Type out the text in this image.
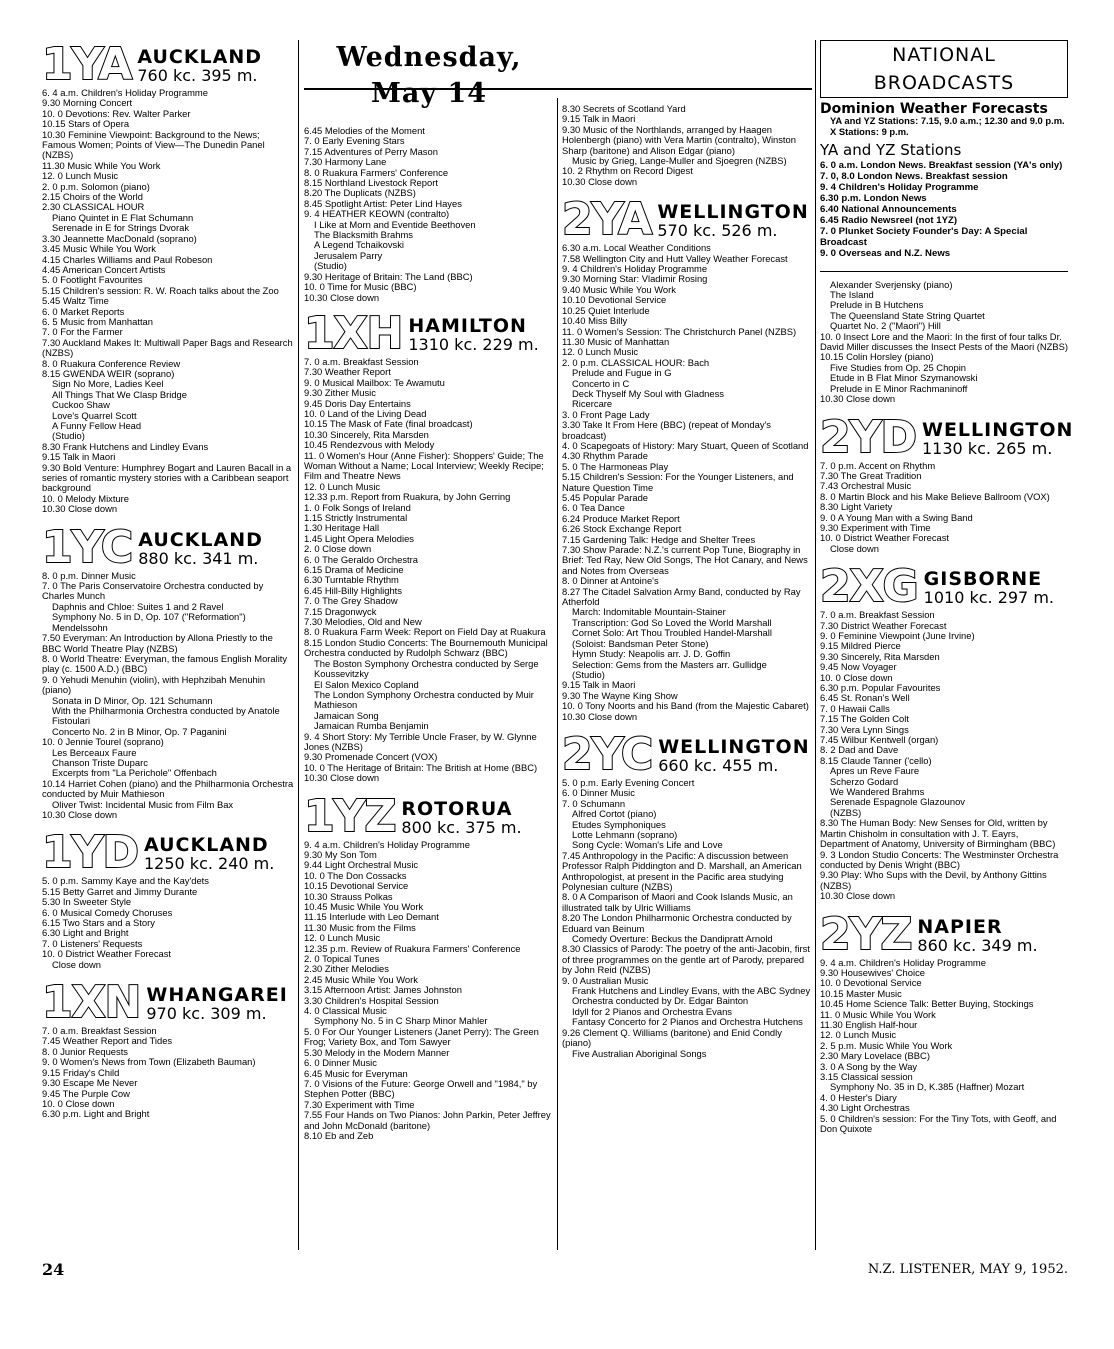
1YA AUCKLAND
760 kc. 395 m.
6. 4 a.m. Children's Holiday Programme
9.30 Morning Concert
10. 0 Devotions: Rev. Walter Parker
10.15 Stars of Opera
10.30 Feminine Viewpoint: Background to the News; Famous Women; Points of View—The Dunedin Panel (NZBS)
11.30 Music While You Work
12. 0 Lunch Music
2. 0 p.m. Solomon (piano)
2.15 Choirs of the World
2.30 CLASSICAL HOUR
Piano Quintet in E Flat Schumann
Serenade in E for Strings Dvorak
3.30 Jeannette MacDonald (soprano)
3.45 Music While You Work
4.15 Charles Williams and Paul Robeson
4.45 American Concert Artists
5. 0 Footlight Favourites
5.15 Children's session: R. W. Roach talks about the Zoo
5.45 Waltz Time
6. 0 Market Reports
6. 5 Music from Manhattan
7. 0 For the Farmer
7.30 Auckland Makes It: Multiwall Paper Bags and Research (NZBS)
8. 0 Ruakura Conference Review
8.15 GWENDA WEIR (soprano)
Sign No More, Ladies Keel
All Things That We Clasp Bridge
Cuckoo Shaw
Love's Quarrel Scott
A Funny Fellow Head
(Studio)
8.30 Frank Hutchens and Lindley Evans
9.15 Talk in Maori
9.30 Bold Venture: Humphrey Bogart and Lauren Bacall in a series of romantic mystery stories with a Caribbean seaport background
10. 0 Melody Mixture
10.30 Close down
1YC AUCKLAND
880 kc. 341 m.
8. 0 p.m. Dinner Music
7. 0 The Paris Conservatoire Orchestra conducted by Charles Munch
Daphnis and Chloe: Suites 1 and 2 Ravel
Symphony No. 5 in D, Op. 107 ("Reformation") Mendelssohn
7.50 Everyman: An Introduction by Allona Priestly to the BBC World Theatre Play (NZBS)
8. 0 World Theatre: Everyman, the famous English Morality play (c. 1500 A.D.) (BBC)
9. 0 Yehudi Menuhin (violin), with Hephzibah Menuhin (piano)
Sonata in D Minor, Op. 121 Schumann
With the Philharmonia Orchestra conducted by Anatole Fistoulari
Concerto No. 2 in B Minor, Op. 7 Paganini
10. 0 Jennie Tourel (soprano)
Les Berceaux Faure
Chanson Triste Duparc
Excerpts from "La Perichole" Offenbach
10.14 Harriet Cohen (piano) and the Philharmonia Orchestra conducted by Muir Mathieson
Oliver Twist: Incidental Music from Film Bax
10.30 Close down
1YD AUCKLAND
1250 kc. 240 m.
5. 0 p.m. Sammy Kaye and the Kay'dets
5.15 Betty Garret and Jimmy Durante
5.30 In Sweeter Style
6. 0 Musical Comedy Choruses
6.15 Two Stars and a Story
6.30 Light and Bright
7. 0 Listeners' Requests
10. 0 District Weather Forecast
Close down
1XN WHANGAREI
970 kc. 309 m.
7. 0 a.m. Breakfast Session
7.45 Weather Report and Tides
8. 0 Junior Requests
9. 0 Women's News from Town (Elizabeth Bauman)
9.15 Friday's Child
9.30 Escape Me Never
9.45 The Purple Cow
10. 0 Close down
6.30 p.m. Light and Bright
Wednesday, May 14
6.45 Melodies of the Moment
7. 0 Early Evening Stars
7.15 Adventures of Perry Mason
7.30 Harmony Lane
8. 0 Ruakura Farmers' Conference
8.15 Northland Livestock Report
8.20 The Duplicats (NZBS)
8.45 Spotlight Artist: Peter Lind Hayes
9. 4 HEATHER KEOWN (contralto)
I Like at Morn and Eventide Beethoven
The Blacksmith Brahms
A Legend Tchaikovski
Jerusalem Parry
(Studio)
9.30 Heritage of Britain: The Land (BBC)
10. 0 Time for Music (BBC)
10.30 Close down
1XH HAMILTON
1310 kc. 229 m.
7. 0 a.m. Breakfast Session
7.30 Weather Report
9. 0 Musical Mailbox: Te Awamutu
9.30 Zither Music
9.45 Doris Day Entertains
10. 0 Land of the Living Dead
10.15 The Mask of Fate (final broadcast)
10.30 Sincerely, Rita Marsden
10.45 Rendezvous with Melody
11. 0 Women's Hour (Anne Fisher): Shoppers' Guide; The Woman Without a Name; Local Interview; Weekly Recipe; Film and Theatre News
12. 0 Lunch Music
12.33 p.m. Report from Ruakura, by John Gerring
1. 0 Folk Songs of Ireland
1.15 Strictly Instrumental
1.30 Heritage Hall
1.45 Light Opera Melodies
2. 0 Close down
6. 0 The Geraldo Orchestra
6.15 Drama of Medicine
6.30 Turntable Rhythm
6.45 Hill-Billy Highlights
7. 0 The Grey Shadow
7.15 Dragonwyck
7.30 Melodies, Old and New
8. 0 Ruakura Farm Week: Report on Field Day at Ruakura
8.15 London Studio Concerts: The Bournemouth Municipal Orchestra conducted by Rudolph Schwarz (BBC)
The Boston Symphony Orchestra conducted by Serge Koussevitzky
El Salon Mexico Copland
The London Symphony Orchestra conducted by Muir Mathieson
Jamaican Song
Jamaican Rumba Benjamin
9. 4 Short Story: My Terrible Uncle Fraser, by W. Glynne Jones (NZBS)
9.30 Promenade Concert (VOX)
10. 0 The Heritage of Britain: The British at Home (BBC)
10.30 Close down
1YZ ROTORUA
800 kc. 375 m.
9. 4 a.m. Children's Holiday Programme
9.30 My Son Tom
9.44 Light Orchestral Music
10. 0 The Don Cossacks
10.15 Devotional Service
10.30 Strauss Polkas
10.45 Music While You Work
11.15 Interlude with Leo Demant
11.30 Music from the Films
12. 0 Lunch Music
12.35 p.m. Review of Ruakura Farmers' Conference
2. 0 Topical Tunes
2.30 Zither Melodies
2.45 Music While You Work
3.15 Afternoon Artist: James Johnston
3.30 Children's Hospital Session
4. 0 Classical Music
Symphony No. 5 in C Sharp Minor Mahler
5. 0 For Our Younger Listeners (Janet Perry): The Green Frog; Variety Box, and Tom Sawyer
5.30 Melody in the Modern Manner
6. 0 Dinner Music
6.45 Music for Everyman
7. 0 Visions of the Future: George Orwell and "1984," by Stephen Potter (BBC)
7.30 Experiment with Time
7.55 Four Hands on Two Pianos: John Parkin, Peter Jeffrey and John McDonald (baritone)
8.10 Eb and Zeb
8.30 Secrets of Scotland Yard
9.15 Talk in Maori
9.30 Music of the Northlands, arranged by Haagen Holenbergh (piano) with Vera Martin (contralto), Winston Sharp (baritone) and Alison Edgar (piano)
Music by Grieg, Lange-Muller and Sjoegren (NZBS)
10. 2 Rhythm on Record Digest
10.30 Close down
2YA WELLINGTON
570 kc. 526 m.
6.30 a.m. Local Weather Conditions
7.58 Wellington City and Hutt Valley Weather Forecast
9. 4 Children's Holiday Programme
9.30 Morning Star: Vladimir Rosing
9.40 Music While You Work
10.10 Devotional Service
10.25 Quiet Interlude
10.40 Miss Billy
11. 0 Women's Session: The Christchurch Panel (NZBS)
11.30 Music of Manhattan
12. 0 Lunch Music
2. 0 p.m. CLASSICAL HOUR: Bach
Prelude and Fugue in G
Concerto in C
Deck Thyself My Soul with Gladness
Ricercare
3. 0 Front Page Lady
3.30 Take It From Here (BBC) (repeat of Monday's broadcast)
4. 0 Scapegoats of History: Mary Stuart, Queen of Scotland
4.30 Rhythm Parade
5. 0 The Harmoneas Play
5.15 Children's Session: For the Younger Listeners, and Nature Question Time
5.45 Popular Parade
6. 0 Tea Dance
6.24 Produce Market Report
6.26 Stock Exchange Report
7.15 Gardening Talk: Hedge and Shelter Trees
7.30 Show Parade: N.Z.'s current Pop Tune, Biography in Brief: Ted Ray, New Old Songs, The Hot Canary, and News and Notes from Overseas
8. 0 Dinner at Antoine's
8.27 The Citadel Salvation Army Band, conducted by Ray Atherfold
March: Indomitable Mountain-Stainer
Transcription: God So Loved the World Marshall
Cornet Solo: Art Thou Troubled Handel-Marshall
(Soloist: Bandsman Peter Stone)
Hymn Study: Neapolis arr. J. D. Goffin
Selection: Gems from the Masters arr. Gullidge
(Studio)
9.15 Talk in Maori
9.30 The Wayne King Show
10. 0 Tony Noorts and his Band (from the Majestic Cabaret)
10.30 Close down
2YC WELLINGTON
660 kc. 455 m.
5. 0 p.m. Early Evening Concert
6. 0 Dinner Music
7. 0 Schumann
Alfred Cortot (piano)
Etudes Symphoniques
Lotte Lehmann (soprano)
Song Cycle: Woman's Life and Love
7.45 Anthropology in the Pacific: A discussion between Professor Ralph Piddington and D. Marshall, an American Anthropologist, at present in the Pacific area studying Polynesian culture (NZBS)
8. 0 A Comparison of Maori and Cook Islands Music, an illustrated talk by Ulric Williams
8.20 The London Philharmonic Orchestra conducted by Eduard van Beinum
Comedy Overture: Beckus the Dandipratt Arnold
8.30 Classics of Parody: The poetry of the anti-Jacobin, first of three programmes on the gentle art of Parody, prepared by John Reid (NZBS)
9. 0 Australian Music
Frank Hutchens and Lindley Evans, with the ABC Sydney Orchestra conducted by Dr. Edgar Bainton
Idyll for 2 Pianos and Orchestra Evans
Fantasy Concerto for 2 Pianos and Orchestra Hutchens
9.26 Clement Q. Williams (baritone) and Enid Condly (piano)
Five Australian Aboriginal Songs
NATIONAL BROADCASTS
Dominion Weather Forecasts
YA and YZ Stations: 7.15, 9.0 a.m.; 12.30 and 9.0 p.m.
X Stations: 9 p.m.
YA and YZ Stations
6. 0 a.m. London News. Breakfast session (YA's only)
7. 0, 8.0 London News. Breakfast session
9. 4 Children's Holiday Programme
6.30 p.m. London News
6.40 National Announcements
6.45 Radio Newsreel (not 1YZ)
7. 0 Plunket Society Founder's Day: A Special Broadcast
9. 0 Overseas and N.Z. News
Alexander Sverjensky (piano)
The Island
Prelude in B Hutchens
The Queensland State String Quartet
Quartet No. 2 ("Maori") Hill
10. 0 Insect Lore and the Maori: In the first of four talks Dr. David Miller discusses the Insect Pests of the Maori (NZBS)
10.15 Colin Horsley (piano)
Five Studies from Op. 25 Chopin
Etude in B Flat Minor Szymanowski
Prelude in E Minor Rachmaninoff
10.30 Close down
2YD WELLINGTON
1130 kc. 265 m.
7. 0 p.m. Accent on Rhythm
7.30 The Great Tradition
7.43 Orchestral Music
8. 0 Martin Block and his Make Believe Ballroom (VOX)
8.30 Light Variety
9. 0 A Young Man with a Swing Band
9.30 Experiment with Time
10. 0 District Weather Forecast
Close down
2XG GISBORNE
1010 kc. 297 m.
7. 0 a.m. Breakfast Session
7.30 District Weather Forecast
9. 0 Feminine Viewpoint (June Irvine)
9.15 Mildred Pierce
9.30 Sincerely, Rita Marsden
9.45 Now Voyager
10. 0 Close down
6.30 p.m. Popular Favourites
6.45 St. Ronan's Well
7. 0 Hawaii Calls
7.15 The Golden Colt
7.30 Vera Lynn Sings
7.45 Wilbur Kentwell (organ)
8. 2 Dad and Dave
8.15 Claude Tanner ('cello)
Apres un Reve Faure
Scherzo Godard
We Wandered Brahms
Serenade Espagnole Glazounov
(NZBS)
8.30 The Human Body: New Senses for Old, written by Martin Chisholm in consultation with J. T. Eayrs, Department of Anatomy, University of Birmingham (BBC)
9. 3 London Studio Concerts: The Westminster Orchestra conducted by Denis Wright (BBC)
9.30 Play: Who Sups with the Devil, by Anthony Gittins (NZBS)
10.30 Close down
2YZ NAPIER
860 kc. 349 m.
9. 4 a.m. Children's Holiday Programme
9.30 Housewives' Choice
10. 0 Devotional Service
10.15 Master Music
10.45 Home Science Talk: Better Buying, Stockings
11. 0 Music While You Work
11.30 English Half-hour
12. 0 Lunch Music
2. 5 p.m. Music While You Work
2.30 Mary Lovelace (BBC)
3. 0 A Song by the Way
3.15 Classical session
Symphony No. 35 in D, K.385 (Haffner) Mozart
4. 0 Hester's Diary
4.30 Light Orchestras
5. 0 Children's session: For the Tiny Tots, with Geoff, and Don Quixote
24	N.Z. LISTENER, MAY 9, 1952.
